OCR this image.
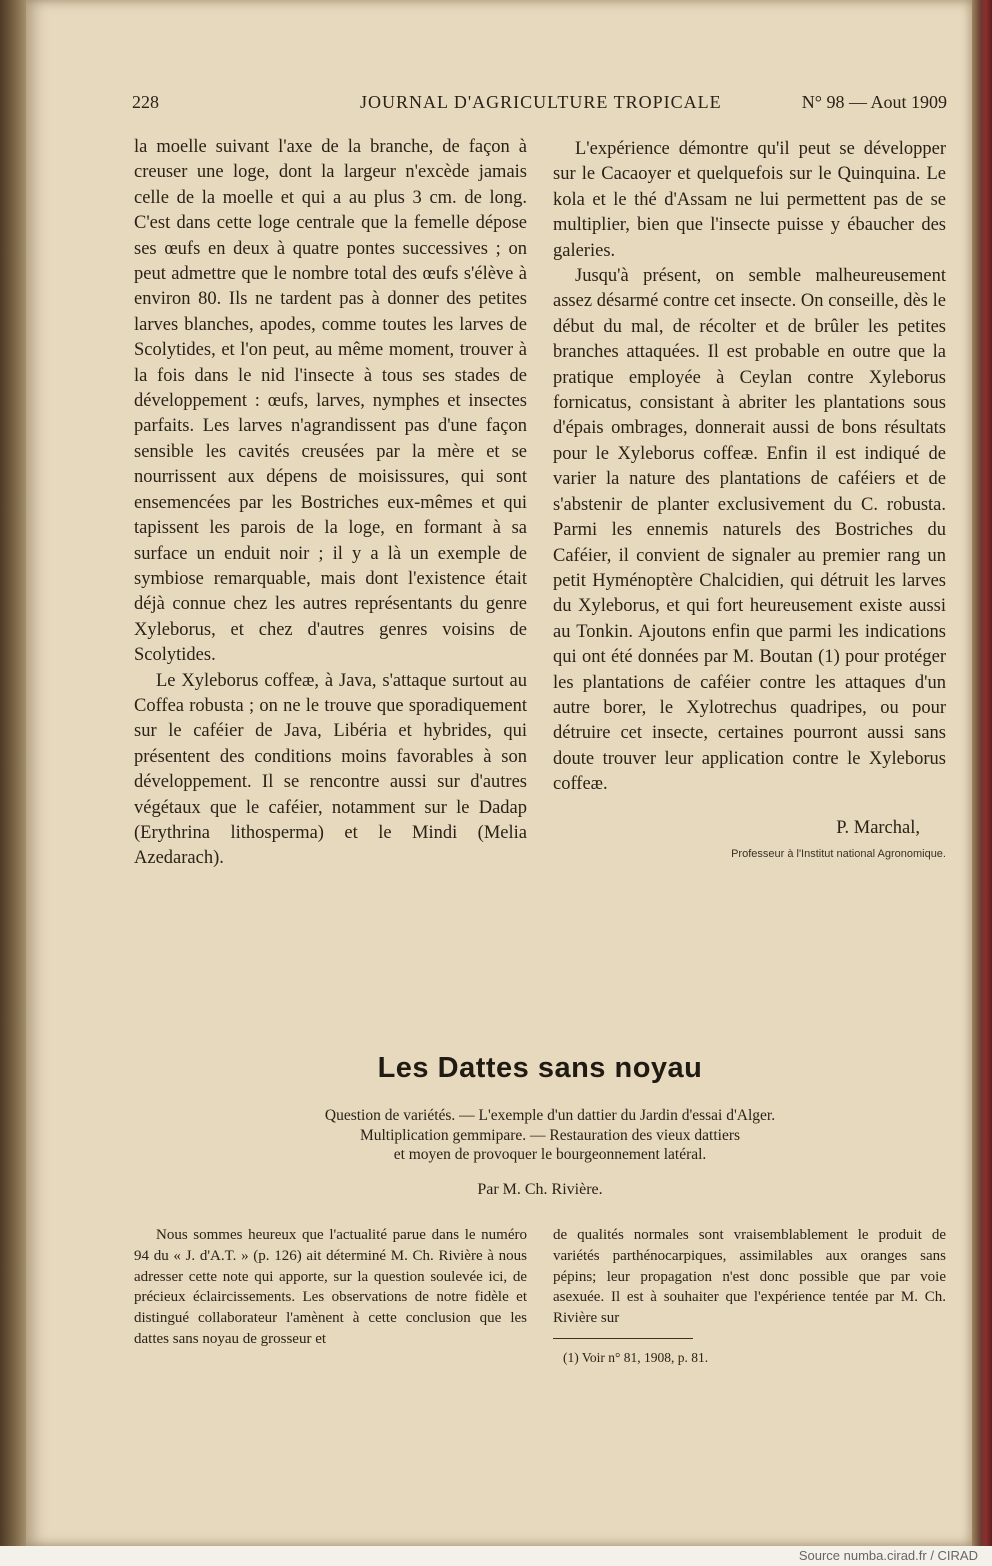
228	JOURNAL D'AGRICULTURE TROPICALE	N° 98 — Aout 1909

la moelle suivant l'axe de la branche, de façon à creuser une loge, dont la largeur n'excède jamais celle de la moelle et qui a au plus 3 cm. de long. C'est dans cette loge centrale que la femelle dépose ses œufs en deux à quatre pontes successives ; on peut admettre que le nombre total des œufs s'élève à environ 80. Ils ne tardent pas à donner des petites larves blanches, apodes, comme toutes les larves de Scolytides, et l'on peut, au même moment, trouver à la fois dans le nid l'insecte à tous ses stades de développement : œufs, larves, nymphes et insectes parfaits. Les larves n'agrandissent pas d'une façon sensible les cavités creusées par la mère et se nourrissent aux dépens de moisissures, qui sont ensemencées par les Bostriches eux-mêmes et qui tapissent les parois de la loge, en formant à sa surface un enduit noir ; il y a là un exemple de symbiose remarquable, mais dont l'existence était déjà connue chez les autres représentants du genre Xyleborus, et chez d'autres genres voisins de Scolytides.

Le Xyleborus coffeæ, à Java, s'attaque surtout au Coffea robusta ; on ne le trouve que sporadiquement sur le caféier de Java, Libéria et hybrides, qui présentent des conditions moins favorables à son développement. Il se rencontre aussi sur d'autres végétaux que le caféier, notamment sur le Dadap (Erythrina lithosperma) et le Mindi (Melia Azedarach).

L'expérience démontre qu'il peut se développer sur le Cacaoyer et quelquefois sur le Quinquina. Le kola et le thé d'Assam ne lui permettent pas de se multiplier, bien que l'insecte puisse y ébaucher des galeries.

Jusqu'à présent, on semble malheureusement assez désarmé contre cet insecte. On conseille, dès le début du mal, de récolter et de brûler les petites branches attaquées. Il est probable en outre que la pratique employée à Ceylan contre Xyleborus fornicatus, consistant à abriter les plantations sous d'épais ombrages, donnerait aussi de bons résultats pour le Xyleborus coffeæ. Enfin il est indiqué de varier la nature des plantations de caféiers et de s'abstenir de planter exclusivement du C. robusta. Parmi les ennemis naturels des Bostriches du Caféier, il convient de signaler au premier rang un petit Hyménoptère Chalcidien, qui détruit les larves du Xyleborus, et qui fort heureusement existe aussi au Tonkin. Ajoutons enfin que parmi les indications qui ont été données par M. Boutan (1) pour protéger les plantations de caféier contre les attaques d'un autre borer, le Xylotrechus quadripes, ou pour détruire cet insecte, certaines pourront aussi sans doute trouver leur application contre le Xyleborus coffeæ.

P. Marchal,

Professeur à l'Institut national Agronomique.

Les Dattes sans noyau
Question de variétés. — L'exemple d'un dattier du Jardin d'essai d'Alger.
Multiplication gemmipare. — Restauration des vieux dattiers
et moyen de provoquer le bourgeonnement latéral.
Par M. Ch. Rivière.

Nous sommes heureux que l'actualité parue dans le numéro 94 du « J. d'A.T. » (p. 126) ait déterminé M. Ch. Rivière à nous adresser cette note qui apporte, sur la question soulevée ici, de précieux éclaircissements. Les observations de notre fidèle et distingué collaborateur l'amènent à cette conclusion que les dattes sans noyau de grosseur et

de qualités normales sont vraisemblablement le produit de variétés parthénocarpiques, assimilables aux oranges sans pépins; leur propagation n'est donc possible que par voie asexuée. Il est à souhaiter que l'expérience tentée par M. Ch. Rivière sur

(1) Voir n° 81, 1908, p. 81.

Source numba.cirad.fr / CIRAD
